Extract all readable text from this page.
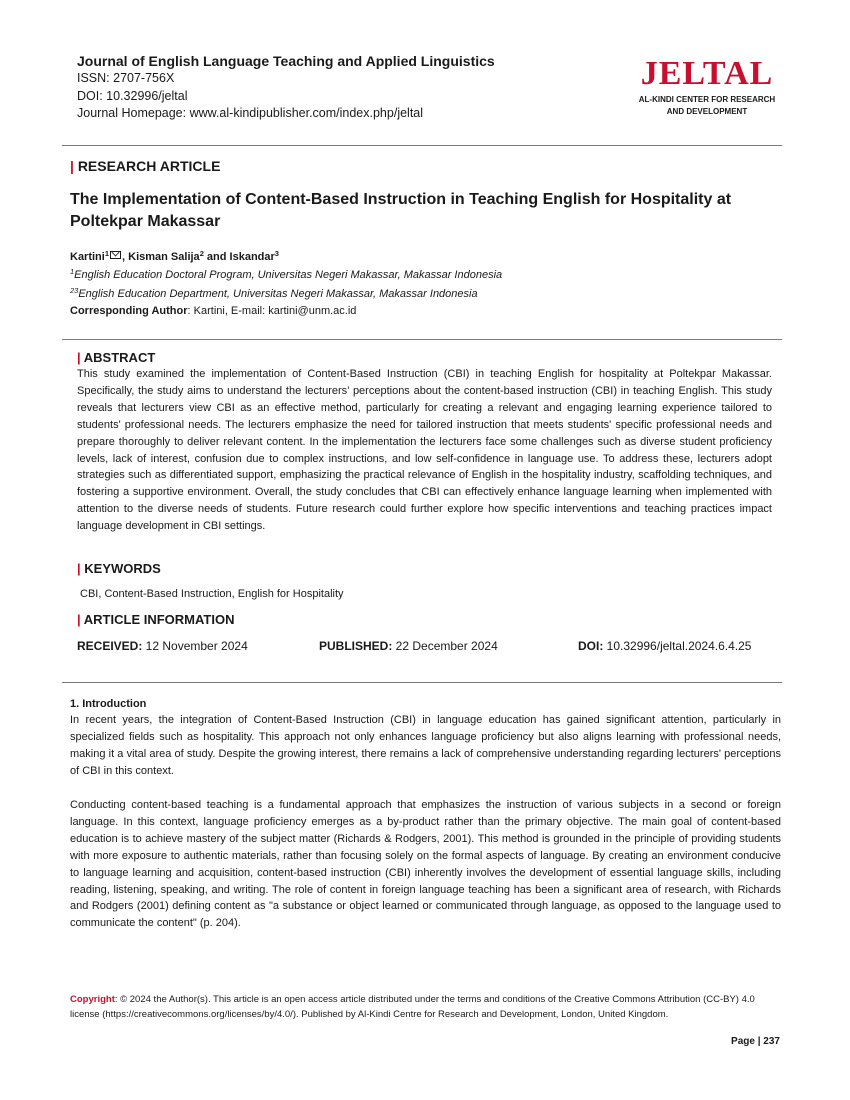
Journal of English Language Teaching and Applied Linguistics

ISSN: 2707-756X
DOI: 10.32996/jeltal
Journal Homepage: www.al-kindipublisher.com/index.php/jeltal
JELTAL
AL-KINDI CENTER FOR RESEARCH
AND DEVELOPMENT
| RESEARCH ARTICLE

The Implementation of Content-Based Instruction in Teaching English for Hospitality at Poltekpar Makassar

Kartini$^1$ , Kisman Salija$^2$ and Iskandar$^3$
$^1$English Education Doctoral Program, Universitas Negeri Makassar, Makassar Indonesia
$^{23}$English Education Department, Universitas Negeri Makassar, Makassar Indonesia
Corresponding Author: Kartini, E-mail: kartini@unm.ac.id
| ABSTRACT

This study examined the implementation of Content-Based Instruction (CBI) in teaching English for hospitality at Poltekpar Makassar. Specifically, the study aims to understand the lecturers’ perceptions about the content-based instruction (CBI) in teaching English. This study reveals that lecturers view CBI as an effective method, particularly for creating a relevant and engaging learning experience tailored to students' professional needs. The lecturers emphasize the need for tailored instruction that meets students' specific professional needs and prepare thoroughly to deliver relevant content. In the implementation the lecturers face some challenges such as diverse student proficiency levels, lack of interest, confusion due to complex instructions, and low self-confidence in language use. To address these, lecturers adopt strategies such as differentiated support, emphasizing the practical relevance of English in the hospitality industry, scaffolding techniques, and fostering a supportive environment. Overall, the study concludes that CBI can effectively enhance language learning when implemented with attention to the diverse needs of students. Future research could further explore how specific interventions and teaching practices impact language development in CBI settings.

| KEYWORDS
CBI, Content-Based Instruction, English for Hospitality
| ARTICLE INFORMATION
RECEIVED: 12 November 2024	PUBLISHED: 22 December 2024	DOI: 10.32996/jeltal.2024.6.4.25
1. Introduction

In recent years, the integration of Content-Based Instruction (CBI) in language education has gained significant attention, particularly in specialized fields such as hospitality. This approach not only enhances language proficiency but also aligns learning with professional needs, making it a vital area of study. Despite the growing interest, there remains a lack of comprehensive understanding regarding lecturers' perceptions of CBI in this context.

Conducting content-based teaching is a fundamental approach that emphasizes the instruction of various subjects in a second or foreign language. In this context, language proficiency emerges as a by-product rather than the primary objective. The main goal of content-based education is to achieve mastery of the subject matter (Richards & Rodgers, 2001). This method is grounded in the principle of providing students with more exposure to authentic materials, rather than focusing solely on the formal aspects of language. By creating an environment conducive to language learning and acquisition, content-based instruction (CBI) inherently involves the development of essential language skills, including reading, listening, speaking, and writing. The role of content in foreign language teaching has been a significant area of research, with Richards and Rodgers (2001) defining content as "a substance or object learned or communicated through language, as opposed to the language used to communicate the content" (p. 204).

Copyright: © 2024 the Author(s). This article is an open access article distributed under the terms and conditions of the Creative Commons Attribution (CC-BY) 4.0 license (https://creativecommons.org/licenses/by/4.0/). Published by Al-Kindi Centre for Research and Development, London, United Kingdom.

Page | 237
